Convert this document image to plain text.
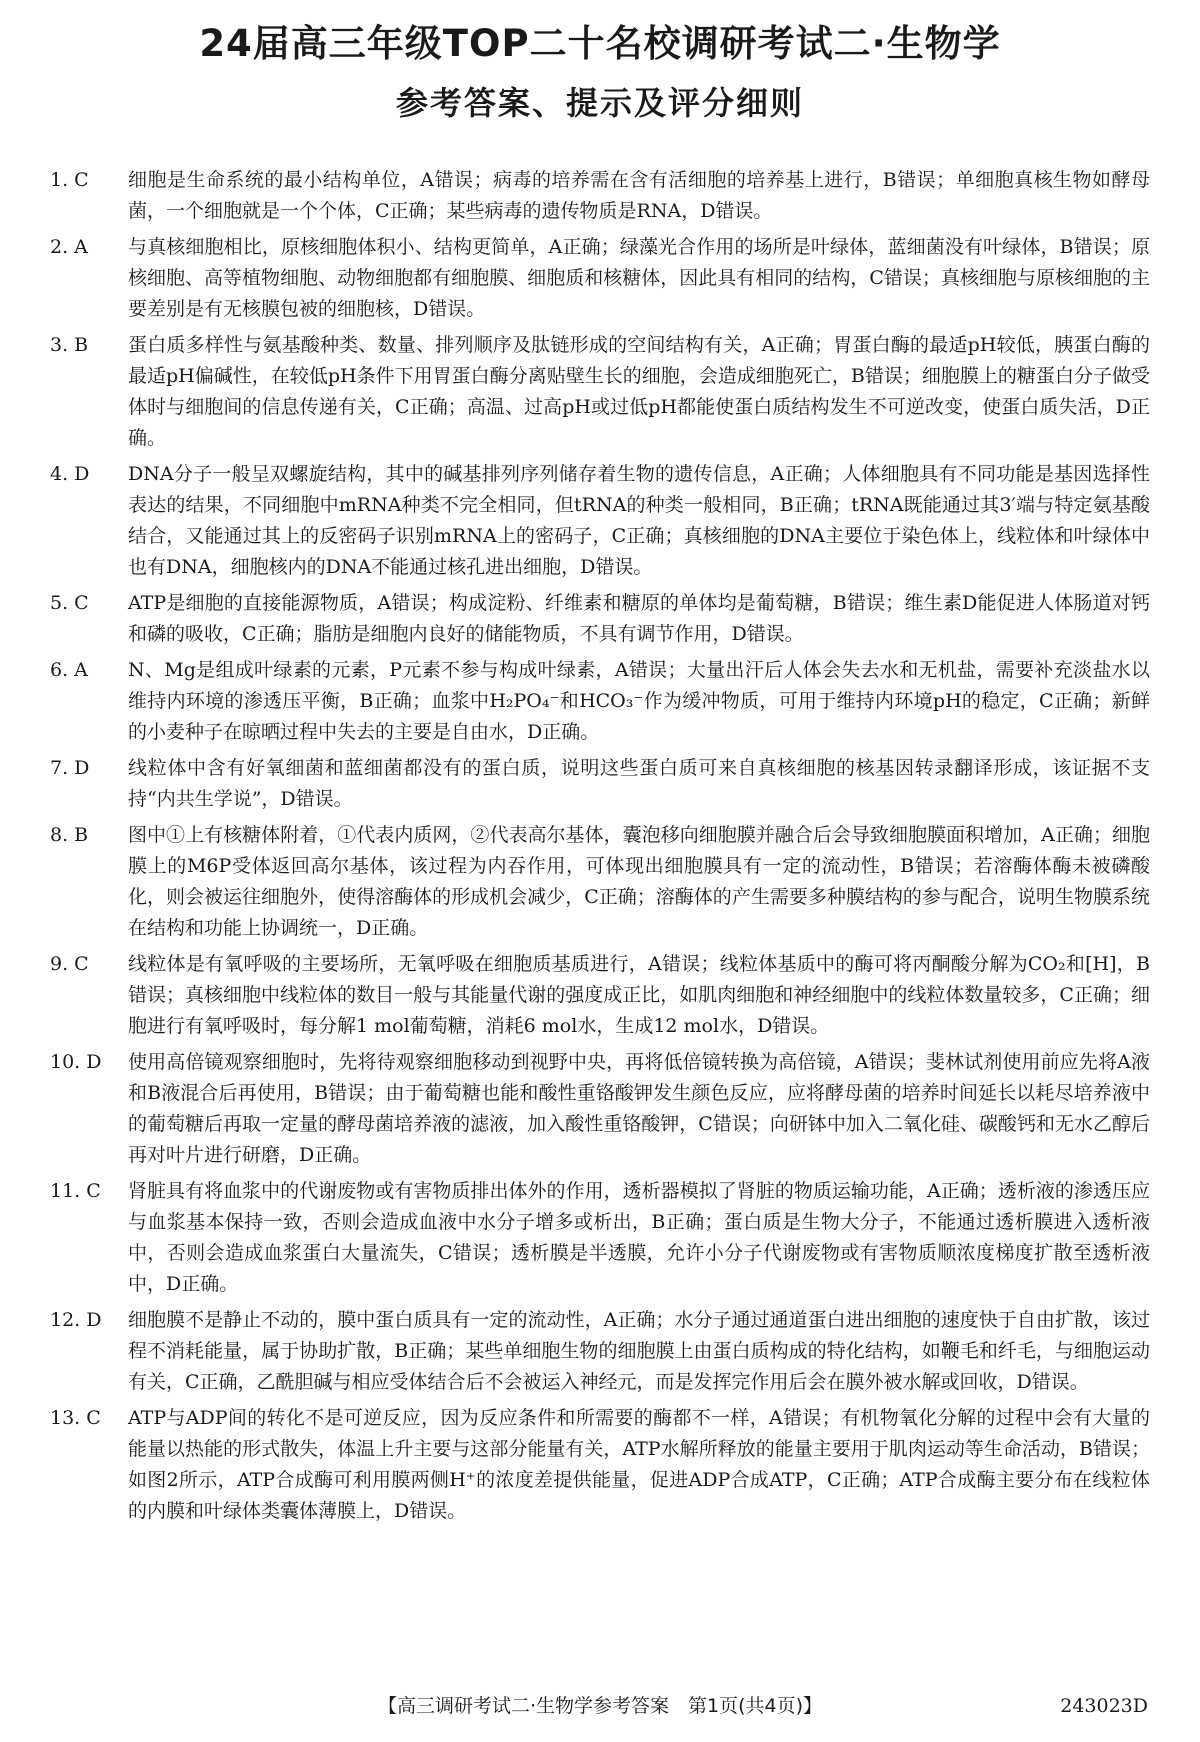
24届高三年级TOP二十名校调研考试二·生物学
参考答案、提示及评分细则
1. C	细胞是生命系统的最小结构单位，A错误；病毒的培养需在含有活细胞的培养基上进行，B错误；单细胞真核生物如酵母菌，一个细胞就是一个个体，C正确；某些病毒的遗传物质是RNA，D错误。
2. A	与真核细胞相比，原核细胞体积小、结构更简单，A正确；绿藻光合作用的场所是叶绿体，蓝细菌没有叶绿体，B错误；原核细胞、高等植物细胞、动物细胞都有细胞膜、细胞质和核糖体，因此具有相同的结构，C错误；真核细胞与原核细胞的主要差别是有无核膜包被的细胞核，D错误。
3. B	蛋白质多样性与氨基酸种类、数量、排列顺序及肽链形成的空间结构有关，A正确；胃蛋白酶的最适pH较低，胰蛋白酶的最适pH偏碱性，在较低pH条件下用胃蛋白酶分离贴壁生长的细胞，会造成细胞死亡，B错误；细胞膜上的糖蛋白分子做受体时与细胞间的信息传递有关，C正确；高温、过高pH或过低pH都能使蛋白质结构发生不可逆改变，使蛋白质失活，D正确。
4. D	DNA分子一般呈双螺旋结构，其中的碱基排列序列储存着生物的遗传信息，A正确；人体细胞具有不同功能是基因选择性表达的结果，不同细胞中mRNA种类不完全相同，但tRNA的种类一般相同，B正确；tRNA既能通过其3′端与特定氨基酸结合，又能通过其上的反密码子识别mRNA上的密码子，C正确；真核细胞的DNA主要位于染色体上，线粒体和叶绿体中也有DNA，细胞核内的DNA不能通过核孔进出细胞，D错误。
5. C	ATP是细胞的直接能源物质，A错误；构成淀粉、纤维素和糖原的单体均是葡萄糖，B错误；维生素D能促进人体肠道对钙和磷的吸收，C正确；脂肪是细胞内良好的储能物质，不具有调节作用，D错误。
6. A	N、Mg是组成叶绿素的元素，P元素不参与构成叶绿素，A错误；大量出汗后人体会失去水和无机盐，需要补充淡盐水以维持内环境的渗透压平衡，B正确；血浆中H₂PO₄⁻和HCO₃⁻作为缓冲物质，可用于维持内环境pH的稳定，C正确；新鲜的小麦种子在晾晒过程中失去的主要是自由水，D正确。
7. D	线粒体中含有好氧细菌和蓝细菌都没有的蛋白质，说明这些蛋白质可来自真核细胞的核基因转录翻译形成，该证据不支持“内共生学说”，D错误。
8. B	图中①上有核糖体附着，①代表内质网，②代表高尔基体，囊泡移向细胞膜并融合后会导致细胞膜面积增加，A正确；细胞膜上的M6P受体返回高尔基体，该过程为内吞作用，可体现出细胞膜具有一定的流动性，B错误；若溶酶体酶未被磷酸化，则会被运往细胞外，使得溶酶体的形成机会减少，C正确；溶酶体的产生需要多种膜结构的参与配合，说明生物膜系统在结构和功能上协调统一，D正确。
9. C	线粒体是有氧呼吸的主要场所，无氧呼吸在细胞质基质进行，A错误；线粒体基质中的酶可将丙酮酸分解为CO₂和[H]，B错误；真核细胞中线粒体的数目一般与其能量代谢的强度成正比，如肌肉细胞和神经细胞中的线粒体数量较多，C正确；细胞进行有氧呼吸时，每分解1 mol葡萄糖，消耗6 mol水，生成12 mol水，D错误。
10. D	使用高倍镜观察细胞时，先将待观察细胞移动到视野中央，再将低倍镜转换为高倍镜，A错误；斐林试剂使用前应先将A液和B液混合后再使用，B错误；由于葡萄糖也能和酸性重铬酸钾发生颜色反应，应将酵母菌的培养时间延长以耗尽培养液中的葡萄糖后再取一定量的酵母菌培养液的滤液，加入酸性重铬酸钾，C错误；向研钵中加入二氧化硅、碳酸钙和无水乙醇后再对叶片进行研磨，D正确。
11. C	肾脏具有将血浆中的代谢废物或有害物质排出体外的作用，透析器模拟了肾脏的物质运输功能，A正确；透析液的渗透压应与血浆基本保持一致，否则会造成血液中水分子增多或析出，B正确；蛋白质是生物大分子，不能通过透析膜进入透析液中，否则会造成血浆蛋白大量流失，C错误；透析膜是半透膜，允许小分子代谢废物或有害物质顺浓度梯度扩散至透析液中，D正确。
12. D	细胞膜不是静止不动的，膜中蛋白质具有一定的流动性，A正确；水分子通过通道蛋白进出细胞的速度快于自由扩散，该过程不消耗能量，属于协助扩散，B正确；某些单细胞生物的细胞膜上由蛋白质构成的特化结构，如鞭毛和纤毛，与细胞运动有关，C正确，乙酰胆碱与相应受体结合后不会被运入神经元，而是发挥完作用后会在膜外被水解或回收，D错误。
13. C	ATP与ADP间的转化不是可逆反应，因为反应条件和所需要的酶都不一样，A错误；有机物氧化分解的过程中会有大量的能量以热能的形式散失，体温上升主要与这部分能量有关，ATP水解所释放的能量主要用于肌肉运动等生命活动，B错误；如图2所示，ATP合成酶可利用膜两侧H⁺的浓度差提供能量，促进ADP合成ATP，C正确；ATP合成酶主要分布在线粒体的内膜和叶绿体类囊体薄膜上，D错误。
【高三调研考试二·生物学参考答案　第1页(共4页)】	243023D
